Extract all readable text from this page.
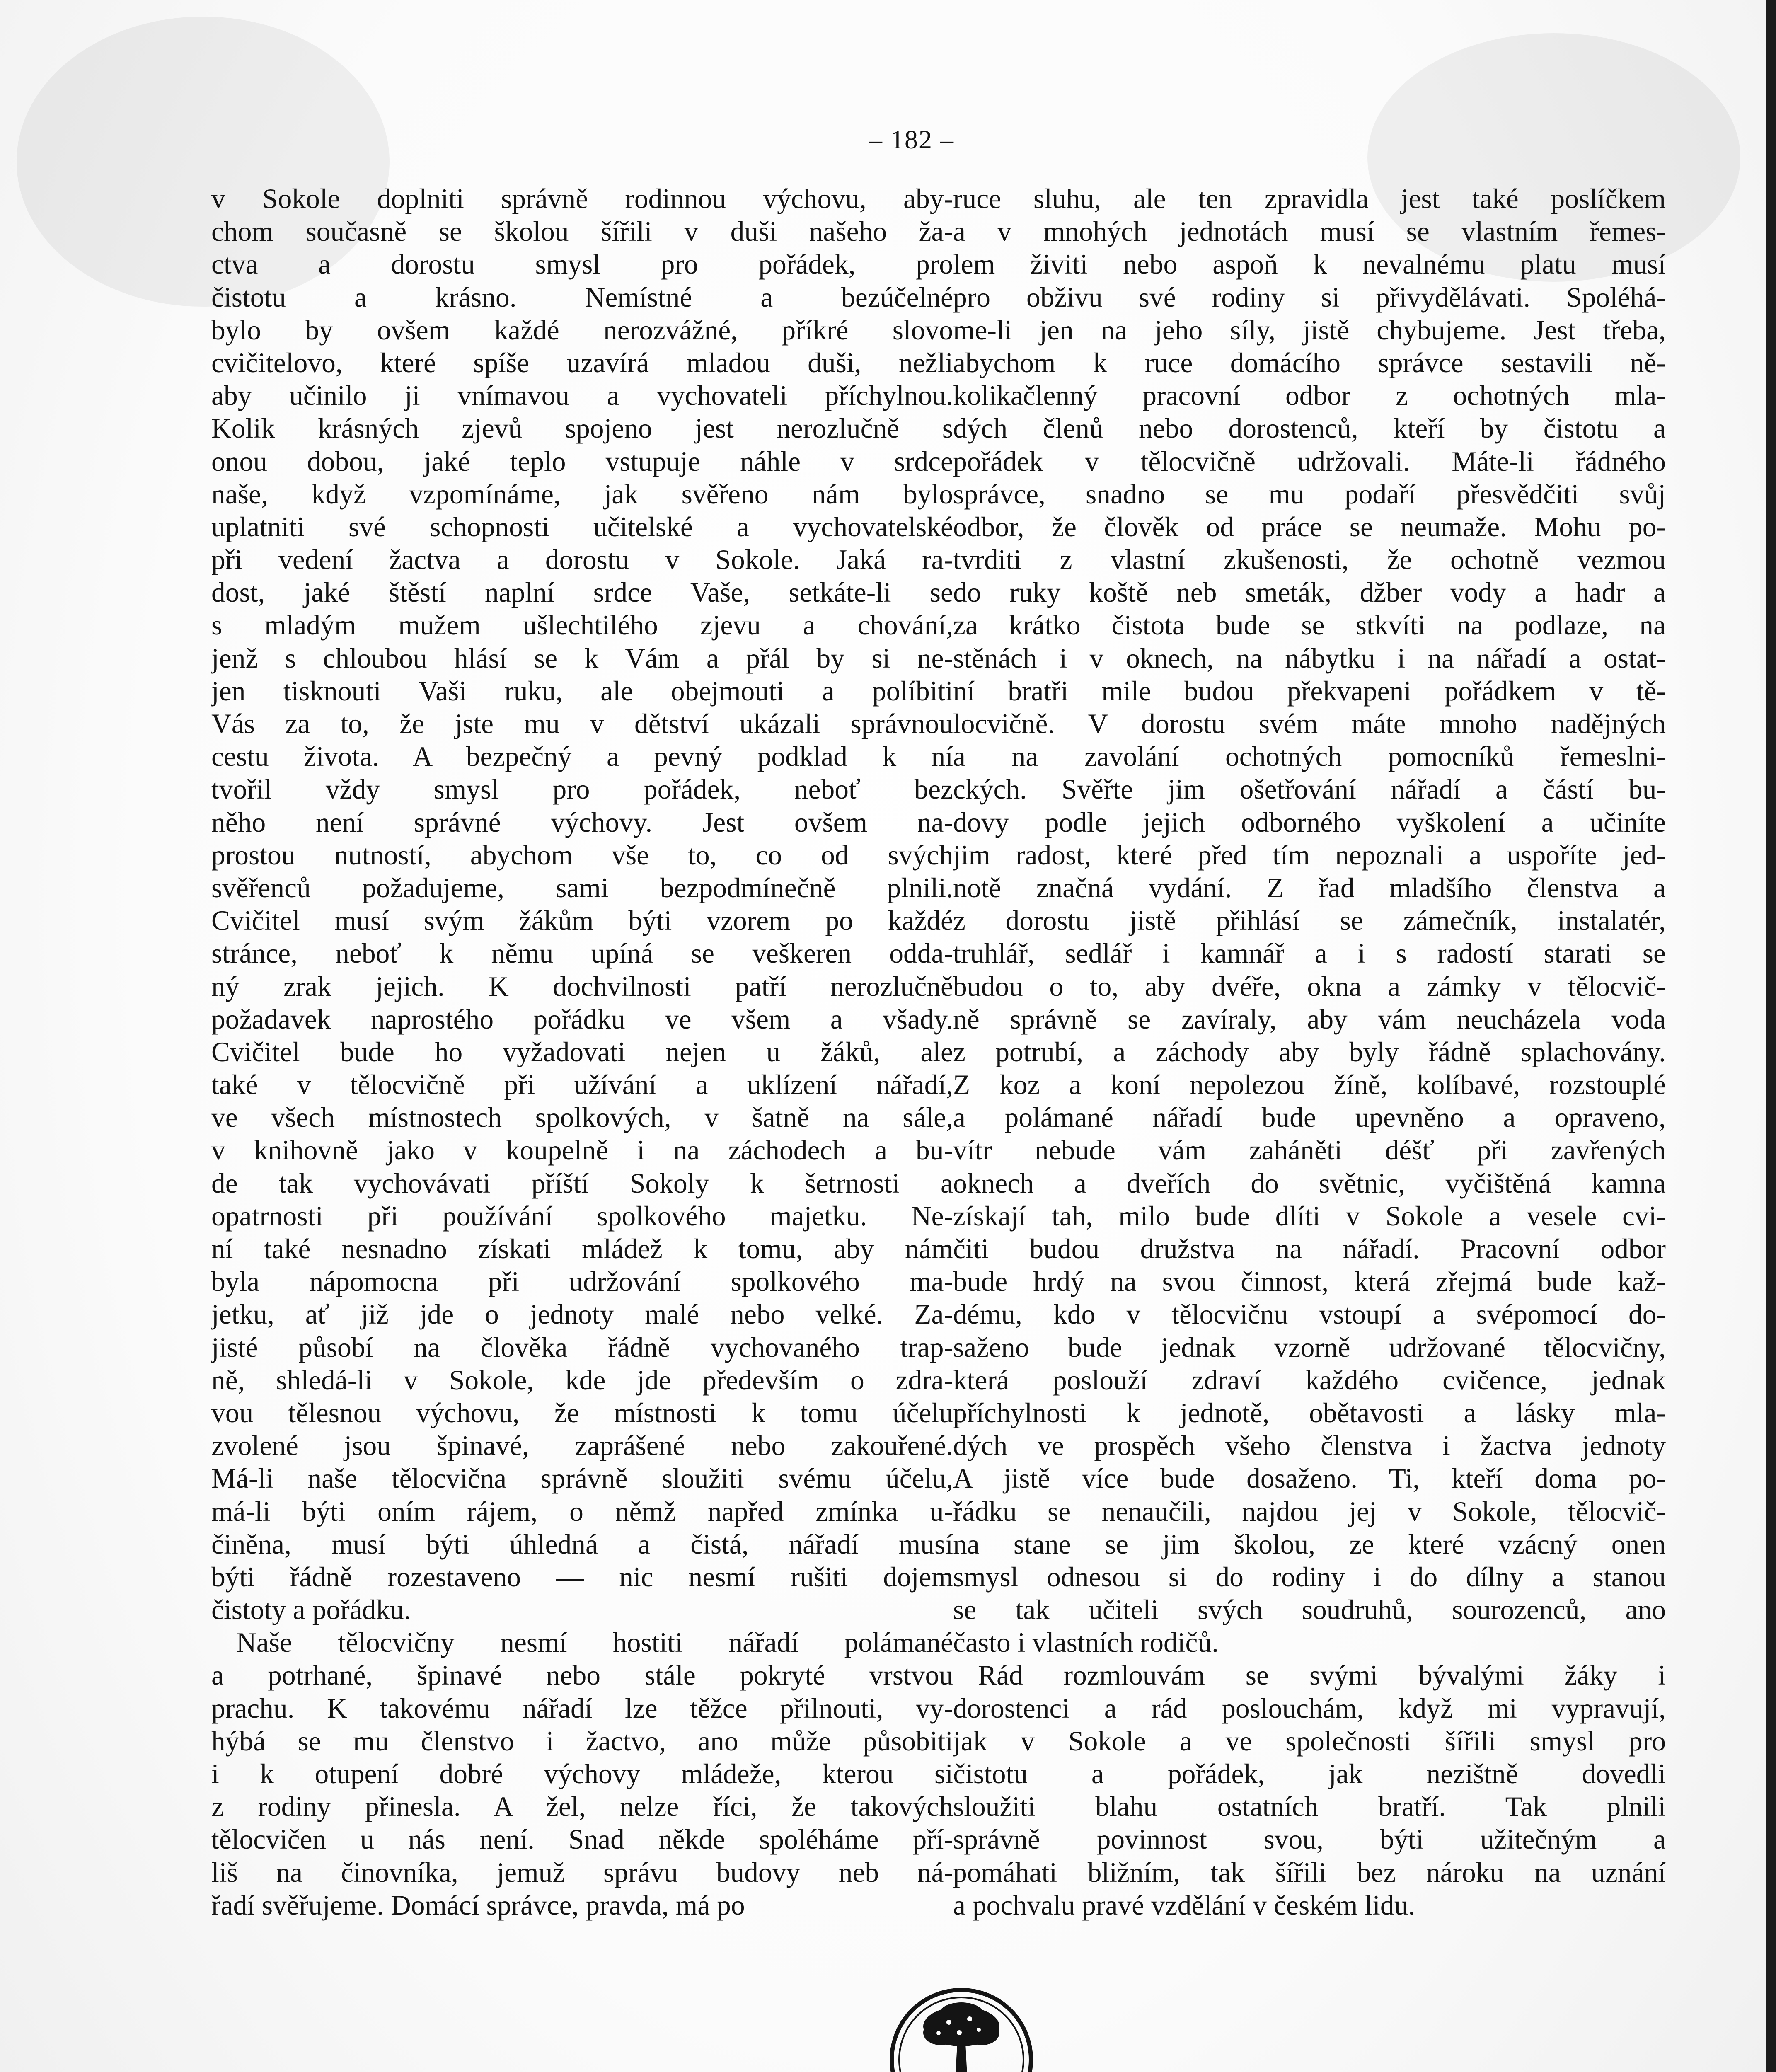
– 182 –
v Sokole doplniti správně rodinnou výchovu, aby-
chom současně se školou šířili v duši našeho ža-
ctva a dorostu smysl pro pořádek, pro
čistotu a krásno. Nemístné a bezúčelné
bylo by ovšem každé nerozvážné, příkré slovo
cvičitelovo, které spíše uzavírá mladou duši, nežli
aby učinilo ji vnímavou a vychovateli příchylnou.
Kolik krásných zjevů spojeno jest nerozlučně s
onou dobou, jaké teplo vstupuje náhle v srdce
naše, když vzpomínáme, jak svěřeno nám bylo
uplatniti své schopnosti učitelské a vychovatelské
při vedení žactva a dorostu v Sokole. Jaká ra-
dost, jaké štěstí naplní srdce Vaše, setkáte-li se
s mladým mužem ušlechtilého zjevu a chování,
jenž s chloubou hlásí se k Vám a přál by si ne-
jen tisknouti Vaši ruku, ale obejmouti a políbiti
Vás za to, že jste mu v dětství ukázali správnou
cestu života. A bezpečný a pevný podklad k ní
tvořil vždy smysl pro pořádek, neboť bez
něho není správné výchovy. Jest ovšem na-
prostou nutností, abychom vše to, co od svých
svěřenců požadujeme, sami bezpodmínečně plnili.
Cvičitel musí svým žákům býti vzorem po každé
stránce, neboť k němu upíná se veškeren odda-
ný zrak jejich. K dochvilnosti patří nerozlučně
požadavek naprostého pořádku ve všem a všady.
Cvičitel bude ho vyžadovati nejen u žáků, ale
také v tělocvičně při užívání a uklízení nářadí,
ve všech místnostech spolkových, v šatně na sále,
v knihovně jako v koupelně i na záchodech a bu-
de tak vychovávati příští Sokoly k šetrnosti a
opatrnosti při používání spolkového majetku. Ne-
ní také nesnadno získati mládež k tomu, aby nám
byla nápomocna při udržování spolkového ma-
jetku, ať již jde o jednoty malé nebo velké. Za-
jisté působí na člověka řádně vychovaného trap-
ně, shledá-li v Sokole, kde jde především o zdra-
vou tělesnou výchovu, že místnosti k tomu účelu
zvolené jsou špinavé, zaprášené nebo zakouřené.
Má-li naše tělocvična správně sloužiti svému účelu,
má-li býti oním rájem, o němž napřed zmínka u-
činěna, musí býti úhledná a čistá, nářadí musí
býti řádně rozestaveno — nic nesmí rušiti dojem
čistoty a pořádku.
Naše tělocvičny nesmí hostiti nářadí polámané
a potrhané, špinavé nebo stále pokryté vrstvou
prachu. K takovému nářadí lze těžce přilnouti, vy-
hýbá se mu členstvo i žactvo, ano může působiti
i k otupení dobré výchovy mládeže, kterou si
z rodiny přinesla. A žel, nelze říci, že takových
tělocvičen u nás není. Snad někde spoléháme pří-
liš na činovníka, jemuž správu budovy neb ná-
řadí svěřujeme. Domácí správce, pravda, má po
ruce sluhu, ale ten zpravidla jest také poslíčkem
a v mnohých jednotách musí se vlastním řemes-
lem živiti nebo aspoň k nevalnému platu musí
pro obživu své rodiny si přivydělávati. Spoléhá-
me-li jen na jeho síly, jistě chybujeme. Jest třeba,
abychom k ruce domácího správce sestavili ně-
kolikačlenný pracovní odbor z ochotných mla-
dých členů nebo dorostenců, kteří by čistotu a
pořádek v tělocvičně udržovali. Máte-li řádného
správce, snadno se mu podaří přesvědčiti svůj
odbor, že člověk od práce se neumaže. Mohu po-
tvrditi z vlastní zkušenosti, že ochotně vezmou
do ruky koště neb smeták, džber vody a hadr a
za krátko čistota bude se stkvíti na podlaze, na
stěnách i v oknech, na nábytku i na nářadí a ostat-
ní bratři mile budou překvapeni pořádkem v tě-
locvičně. V dorostu svém máte mnoho nadějných
a na zavolání ochotných pomocníků řemeslni-
ckých. Svěřte jim ošetřování nářadí a částí bu-
dovy podle jejich odborného vyškolení a učiníte
jim radost, které před tím nepoznali a uspoříte jed-
notě značná vydání. Z řad mladšího členstva a
z dorostu jistě přihlásí se zámečník, instalatér,
truhlář, sedlář i kamnář a i s radostí starati se
budou o to, aby dvéře, okna a zámky v tělocvič-
ně správně se zavíraly, aby vám neucházela voda
z potrubí, a záchody aby byly řádně splachovány.
Z koz a koní nepolezou žíně, kolíbavé, rozstouplé
a polámané nářadí bude upevněno a opraveno,
vítr nebude vám zaháněti déšť při zavřených
oknech a dveřích do světnic, vyčištěná kamna
získají tah, milo bude dlíti v Sokole a vesele cvi-
čiti budou družstva na nářadí. Pracovní odbor
bude hrdý na svou činnost, která zřejmá bude kaž-
dému, kdo v tělocvičnu vstoupí a svépomocí do-
saženo bude jednak vzorně udržované tělocvičny,
která poslouží zdraví každého cvičence, jednak
příchylnosti k jednotě, obětavosti a lásky mla-
dých ve prospěch všeho členstva i žactva jednoty
A jistě více bude dosaženo. Ti, kteří doma po-
řádku se nenaučili, najdou jej v Sokole, tělocvič-
na stane se jim školou, ze které vzácný onen
smysl odnesou si do rodiny i do dílny a stanou
se tak učiteli svých soudruhů, sourozenců, ano
často i vlastních rodičů.
Rád rozmlouvám se svými bývalými žáky i
dorostenci a rád poslouchám, když mi vypravují,
jak v Sokole a ve společnosti šířili smysl pro
čistotu a pořádek, jak nezištně dovedli
sloužiti blahu ostatních bratří. Tak plnili
správně povinnost svou, býti užitečným a
pomáhati bližním, tak šířili bez nároku na uznání
a pochvalu pravé vzdělání v českém lidu.
